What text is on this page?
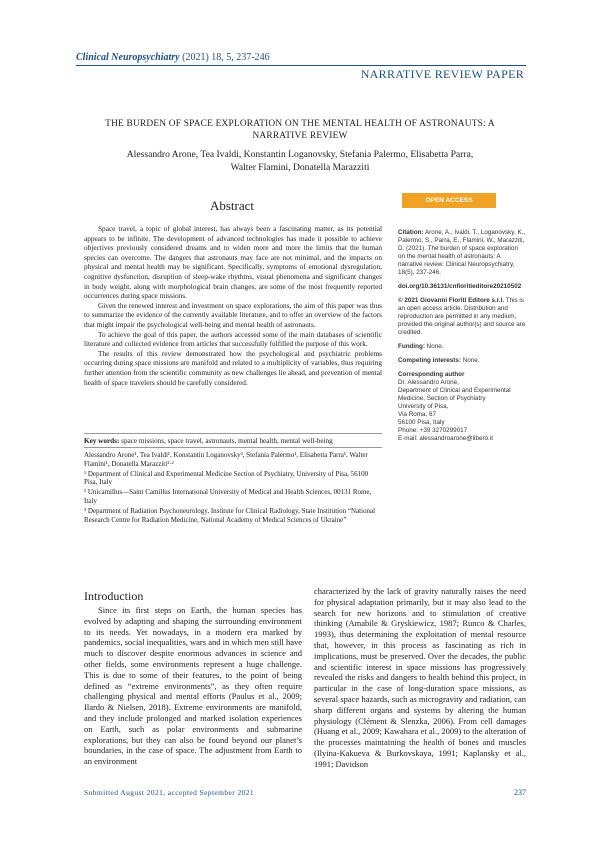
Clinical Neuropsychiatry (2021) 18, 5, 237-246
NARRATIVE REVIEW PAPER
THE BURDEN OF SPACE EXPLORATION ON THE MENTAL HEALTH OF ASTRONAUTS: A NARRATIVE REVIEW
Alessandro Arone, Tea Ivaldi, Konstantin Loganovsky, Stefania Palermo, Elisabetta Parra,
Walter Flamini, Donatella Marazziti
Abstract

Space travel, a topic of global interest, has always been a fascinating matter, as its potential appears to be infinite. The development of advanced technologies has made it possible to achieve objectives previously considered dreams and to widen more and more the limits that the human species can overcome. The dangers that astronauts may face are not minimal, and the impacts on physical and mental health may be significant. Specifically, symptoms of emotional dysregulation, cognitive dysfunction, disruption of sleep-wake rhythms, visual phenomena and significant changes in body weight, along with morphological brain changes, are some of the most frequently reported occurrences during space missions.

Given the renewed interest and investment on space explorations, the aim of this paper was thus to summarize the evidence of the currently available literature, and to offer an overview of the factors that might impair the psychological well-being and mental health of astronauts.

To achieve the goal of this paper, the authors accessed some of the main databases of scientific literature and collected evidence from articles that successfully fulfilled the purpose of this work.

The results of this review demonstrated how the psychological and psychiatric problems occurring during space missions are manifold and related to a multiplicity of variables, thus requiring further attention from the scientific community as new challenges lie ahead, and prevention of mental health of space travelers should be carefully considered.

Key words: space missions, space travel, astronauts, mental health, mental well-being

Alessandro Arone¹, Tea Ivaldi¹, Konstantin Loganovsky³, Stefania Palermo¹, Elisabetta Parra¹, Walter Flamini¹, Donatella Marazziti¹·²

¹ Department of Clinical and Experimental Medicine Section of Psychiatry, University of Pisa, 56100 Pisa, Italy

² Unicamillus—Saint Camillus International University of Medical and Health Sciences, 00131 Rome, Italy

³ Department of Radiation Psychoneurology, Institute for Clinical Radiology, State Institution “National Research Centre for Radiation Medicine, National Academy of Medical Sciences of Ukraine”

OPEN ACCESS

Citation: Arone, A., Ivaldi, T., Loganovsky, K., Palermo, S., Parra, E., Flamini, W., Marazziti, D. (2021). The burden of space exploration on the mental health of astronauts: A narrative review. Clinical Neuropsychiatry, 18(5), 237-246.

doi.org/10.36131/cnfioritieditore20210502

© 2021 Giovanni Fioriti Editore s.r.l. This is an open access article. Distribution and reproduction are permitted in any medium, provided the original author(s) and source are credited.

Funding: None.

Competing interests: None.

Corresponding author
Dr. Alessandro Arone,
Department of Clinical and Experimental
Medicine, Section of Psychiatry
University of Pisa,
Via Roma, 67
56100 Pisa, Italy
Phone: +39 3270299017
E-mail: alessandroarone@libero.it
Introduction
Since its first steps on Earth, the human species has evolved by adapting and shaping the surrounding environment to its needs. Yet nowadays, in a modern era marked by pandemics, social inequalities, wars and in which men still have much to discover despite enormous advances in science and other fields, some environments represent a huge challenge. This is due to some of their features, to the point of being defined as “extreme environments”, as they often require challenging physical and mental efforts (Paulus et al., 2009; Ilardo & Nielsen, 2018). Extreme environments are manifold, and they include prolonged and marked isolation experiences on Earth, such as polar environments and submarine explorations, but they can also be found beyond our planet’s boundaries, in the case of space. The adjustment from Earth to an environment
characterized by the lack of gravity naturally raises the need for physical adaptation primarily, but it may also lead to the search for new horizons and to stimulation of creative thinking (Amabile & Gryskiewicz, 1987; Runco & Charles, 1993), thus determining the exploitation of mental resource that, however, in this process as fascinating as rich in implications, must be preserved. Over the decades, the public and scientific interest in space missions has progressively revealed the risks and dangers to health behind this project, in particular in the case of long-duration space missions, as several space hazards, such as microgravity and radiation, can sharp different organs and systems by altering the human physiology (Clément & Slenzka, 2006). From cell damages (Huang et al., 2009; Kawahara et al., 2009) to the alteration of the processes maintaining the health of bones and muscles (Ilyina-Kakueva & Burkovskaya, 1991; Kaplansky et al., 1991; Davidson
Submitted August 2021, accepted September 2021	237
